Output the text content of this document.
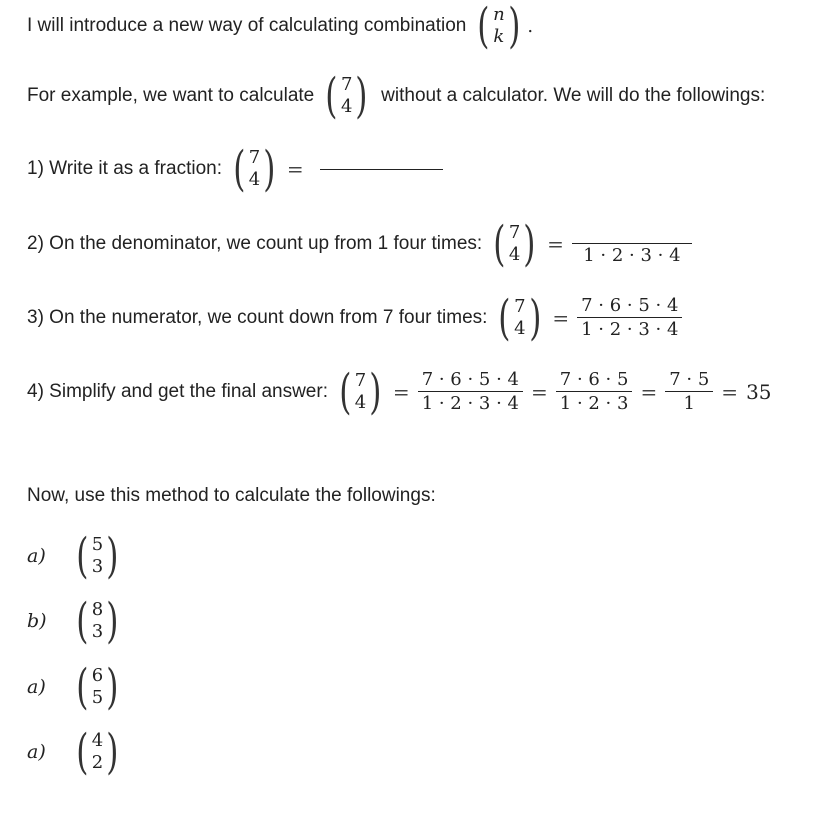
I will introduce a new way of calculating combination ( n
k ) .
For example, we want to calculate ( 7
4 ) without a calculator. We will do the followings:
1) Write it as a fraction: ( 7
4 ) =
2) On the denominator, we count up from 1 four times: ( 7
4 ) = 1 · 2 · 3 · 4
3) On the numerator, we count down from 7 four times: ( 7
4 ) = $\frac{7 \cdot 6 \cdot 5 \cdot 4}{1 \cdot 2 \cdot 3 \cdot 4}$
4) Simplify and get the final answer: ( 7
4 ) = $\frac{7 \cdot 6 \cdot 5 \cdot 4}{1 \cdot 2 \cdot 3 \cdot 4} = \frac{7 \cdot 6 \cdot 5}{1 \cdot 2 \cdot 3} = \frac{7 \cdot 5}{1} = 35$
Now, use this method to calculate the followings:
a) ( 5
3 )
b) ( 8
3 )
a) ( 6
5 )
a) ( 4
2 )
